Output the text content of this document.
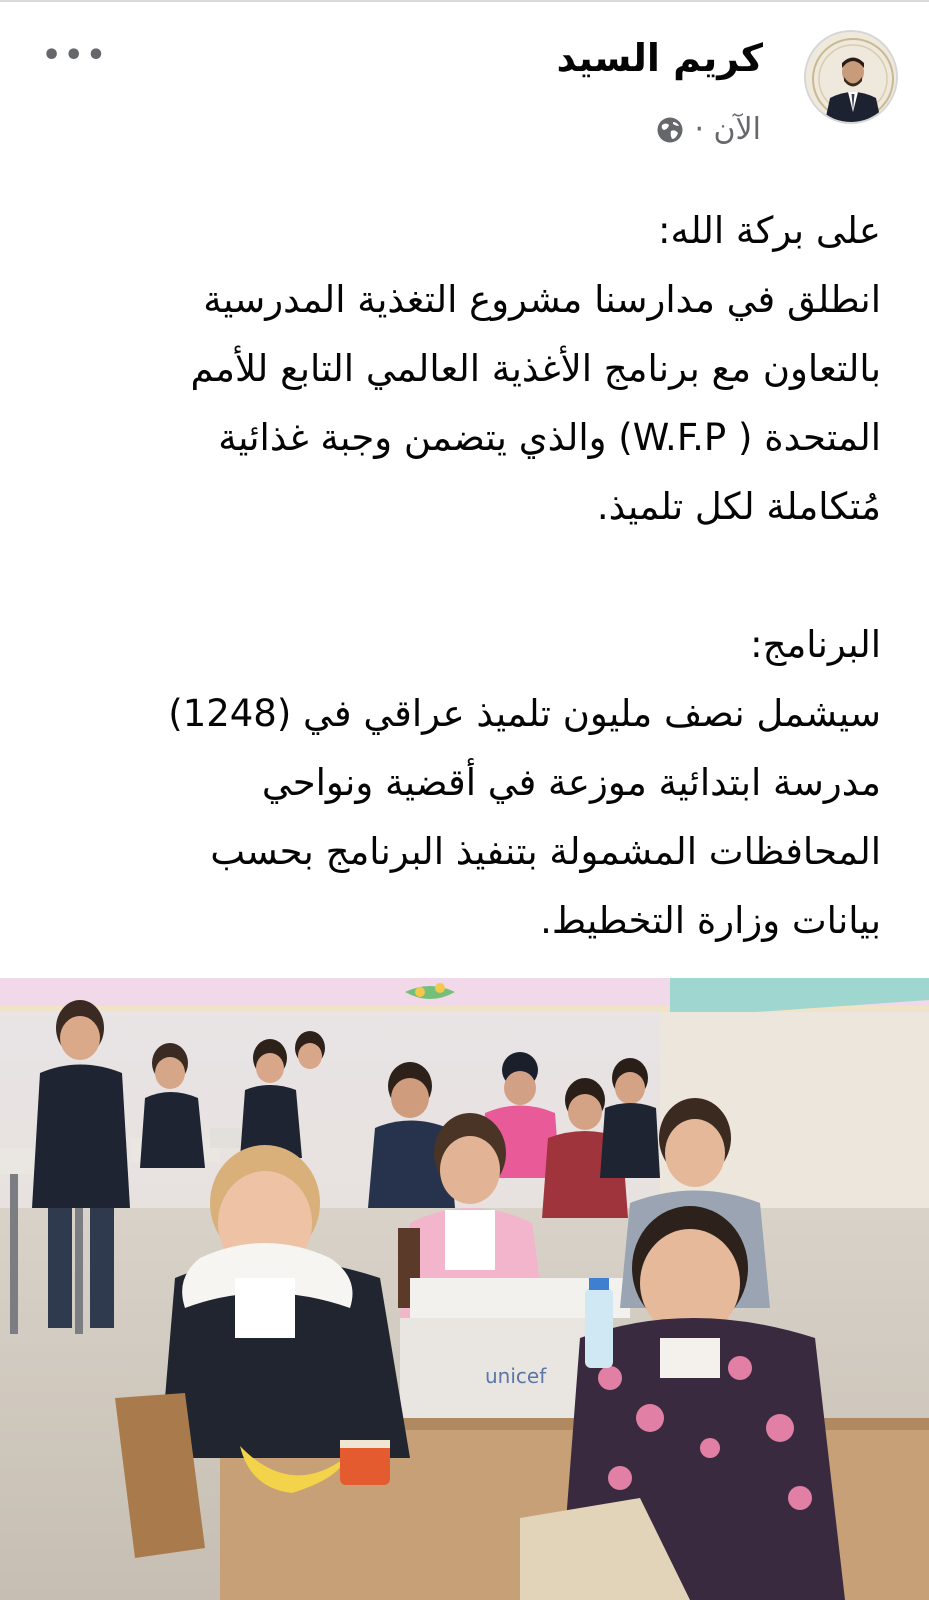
كريم السيد
الآن ·
•••

على بركة الله:

انطلق في مدارسنا مشروع التغذية المدرسية

بالتعاون مع برنامج الأغذية العالمي التابع للأمم

المتحدة ( W.F.P) والذي يتضمن وجبة غذائية

مُتكاملة لكل تلميذ.

البرنامج:

سيشمل نصف مليون تلميذ عراقي في (1248)

مدرسة ابتدائية موزعة في أقضية ونواحي

المحافظات المشمولة بتنفيذ البرنامج بحسب

بيانات وزارة التخطيط.

unicef
